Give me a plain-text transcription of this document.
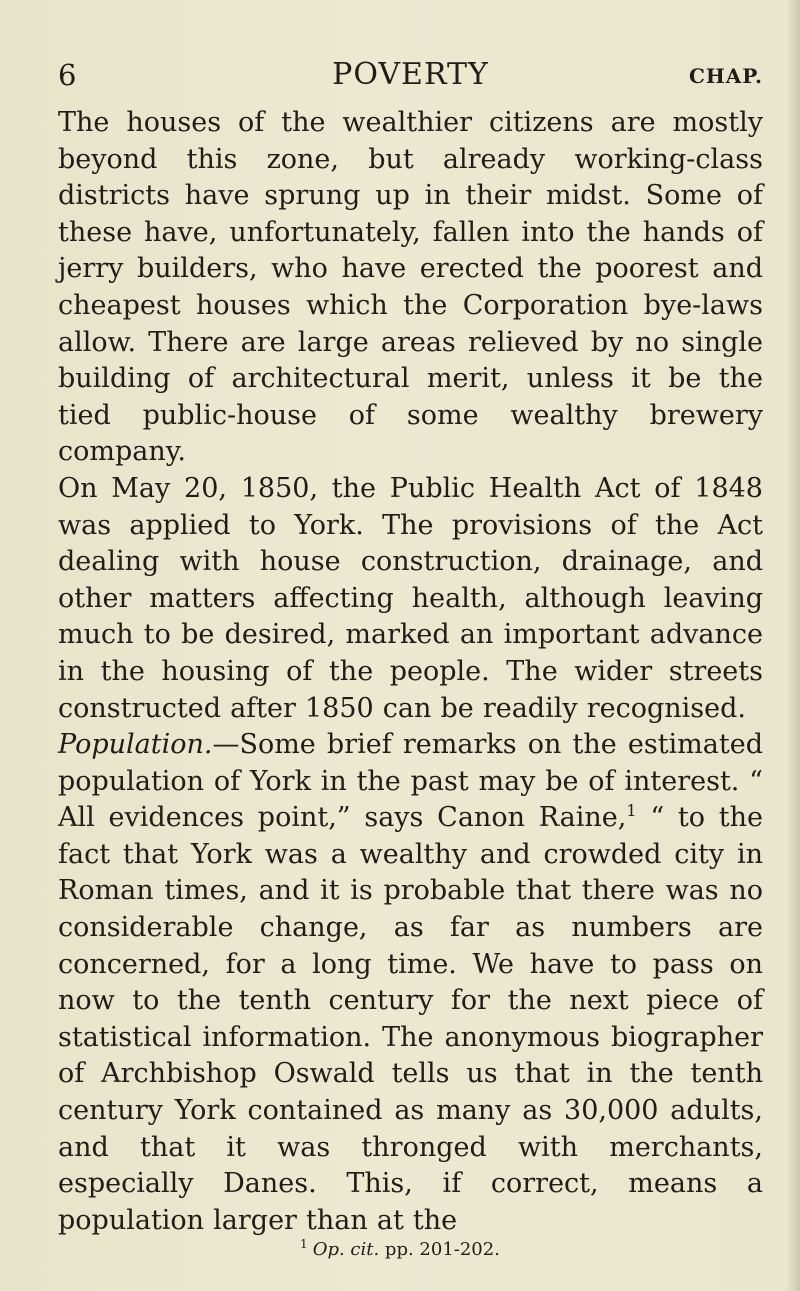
6	POVERTY	CHAP.

The houses of the wealthier citizens are mostly beyond this zone, but already working-class districts have sprung up in their midst. Some of these have, unfortunately, fallen into the hands of jerry builders, who have erected the poorest and cheapest houses which the Corporation bye-laws allow. There are large areas relieved by no single building of architectural merit, unless it be the tied public-house of some wealthy brewery company.

On May 20, 1850, the Public Health Act of 1848 was applied to York. The provisions of the Act dealing with house construction, drainage, and other matters affecting health, although leaving much to be desired, marked an important advance in the housing of the people. The wider streets constructed after 1850 can be readily recognised.

Population.—Some brief remarks on the estimated population of York in the past may be of interest. “ All evidences point,” says Canon Raine,$^1$ “ to the fact that York was a wealthy and crowded city in Roman times, and it is probable that there was no considerable change, as far as numbers are concerned, for a long time. We have to pass on now to the tenth century for the next piece of statistical information. The anonymous biographer of Archbishop Oswald tells us that in the tenth century York contained as many as 30,000 adults, and that it was thronged with merchants, especially Danes. This, if correct, means a population larger than at the

$^1$ Op. cit. pp. 201-202.
